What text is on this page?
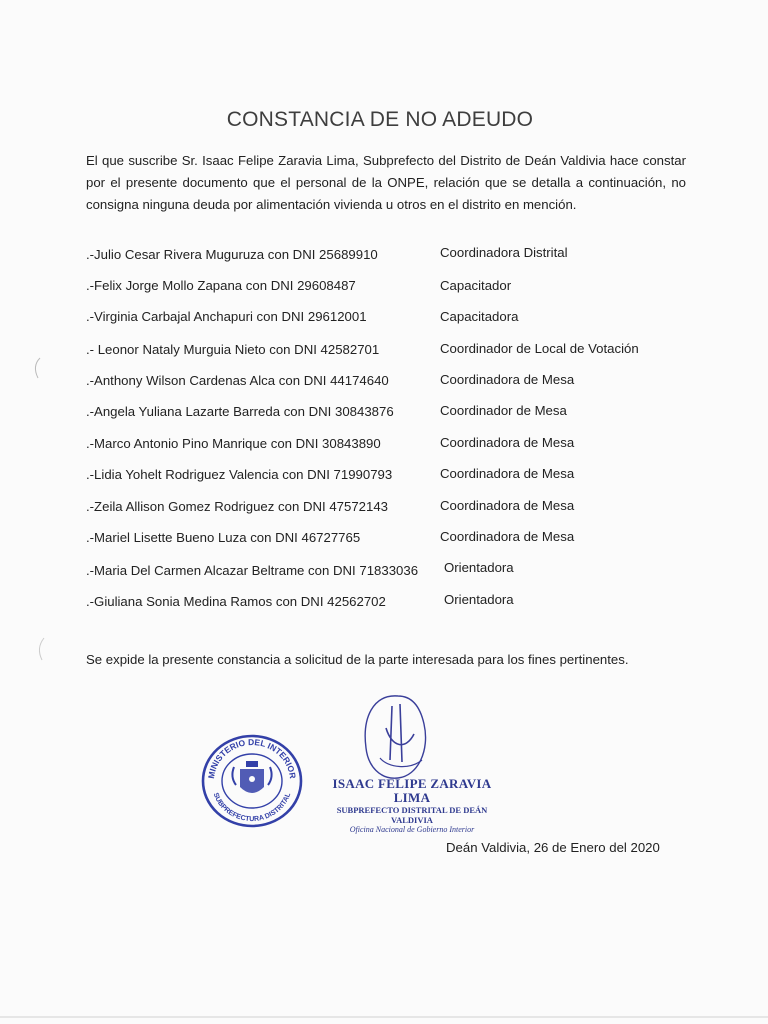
CONSTANCIA DE NO ADEUDO
El que suscribe Sr. Isaac Felipe Zaravia Lima, Subprefecto del Distrito de Deán Valdivia hace constar por el presente documento que el personal de la ONPE, relación que se detalla a continuación, no consigna ninguna deuda por alimentación vivienda u otros en el distrito en mención.
.-Julio Cesar Rivera Muguruza con DNI 25689910	Coordinadora Distrital
.-Felix Jorge Mollo Zapana con DNI 29608487	Capacitador
.-Virginia Carbajal Anchapuri con DNI 29612001	Capacitadora
.- Leonor Nataly Murguia Nieto con DNI 42582701	Coordinador de Local de Votación
.-Anthony Wilson Cardenas Alca con DNI 44174640	Coordinadora de Mesa
.-Angela Yuliana Lazarte Barreda con DNI 30843876	Coordinador de Mesa
.-Marco Antonio Pino Manrique con DNI 30843890	Coordinadora de Mesa
.-Lidia Yohelt Rodriguez Valencia con DNI 71990793	Coordinadora de Mesa
.-Zeila Allison Gomez Rodriguez con DNI 47572143	Coordinadora de Mesa
.-Mariel Lisette Bueno Luza con DNI 46727765	Coordinadora de Mesa
.-Maria Del Carmen Alcazar Beltrame con DNI 71833036 Orientadora
.-Giuliana Sonia Medina Ramos con DNI 42562702	Orientadora
Se expide la presente constancia a solicitud de la parte interesada para los fines pertinentes.
MINISTERIO DEL INTERIOR
SUBPREFECTURA DISTRITAL
ISAAC FELIPE ZARAVIA LIMA
SUBPREFECTO DISTRITAL DE DEÁN VALDIVIA
Oficina Nacional de Gobierno Interior
Deán Valdivia, 26 de Enero del 2020
